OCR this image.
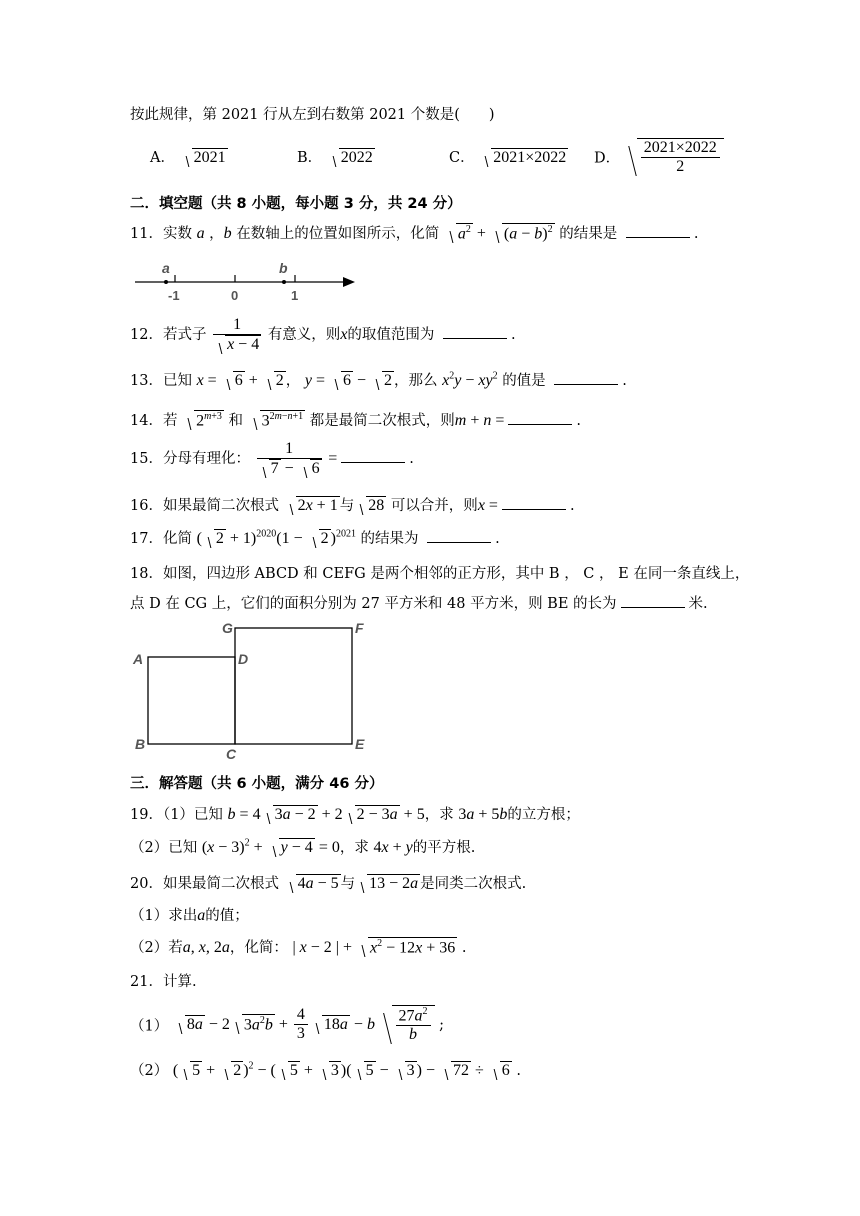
按此规律，第 2021 行从左到右数第 2021 个数是(　　)
A． 2021	B． 2022	C． 2021×2022 D． $\frac{2021\times 2022}{2}$
二．填空题（共 8 小题，每小题 3 分，共 24 分）
11．实数 a ，b 在数轴上的位置如图所示，化简 $a^2 + (a - b)^2$ 的结果是	.
a	b
-1	0	1
12．若式子 $\frac{1}{x - 4}$ 有意义，则x的取值范围为	.
13．已知 x = 6 + 2 ， y = 6 − 2 ，那么 $x^2y - xy^2$ 的值是	.
14．若 $2^{m+3}$ 和 $3^{2m-n+1}$ 都是最简二次根式，则m + n =	.
15．分母有理化： $\frac{1}{7 - 6}$ =	.
16．如果最简二次根式 2x + 1 与 28 可以合并，则x =	.
17．化简 ( 2 + 1)$^{2020}$(1 − 2 )$^{2021}$ 的结果为	.
18．如图，四边形 ABCD 和 CEFG 是两个相邻的正方形，其中 B ， C ， E 在同一条直线上，
点 D 在 CG 上，它们的面积分别为 27 平方米和 48 平方米，则 BE 的长为	米.
A
B
C
D
E
F
G
三．解答题（共 6 小题，满分 46 分）
19．（1）已知 b = 4 3a − 2 + 2 2 − 3a + 5，求 3a + 5b的立方根；
（2）已知 $(x - 3)^2 + y - 4 = 0$，求 4x + y的平方根.
20．如果最简二次根式 4a − 5 与 13 − 2a 是同类二次根式.
（1）求出a的值；
（2）若a, x, 2a，化简： | x − 2 | + $x^2 - 12x + 36$ .
21．计算.
（1） 8a − 2 $3a^2b + \frac{4}{3} 18a - b \frac{27a^2}{b}$ ;
（2） ( 5 + 2 )$^2$ − ( 5 + 3 )( 5 − 3 ) − 72 ÷ 6 .
